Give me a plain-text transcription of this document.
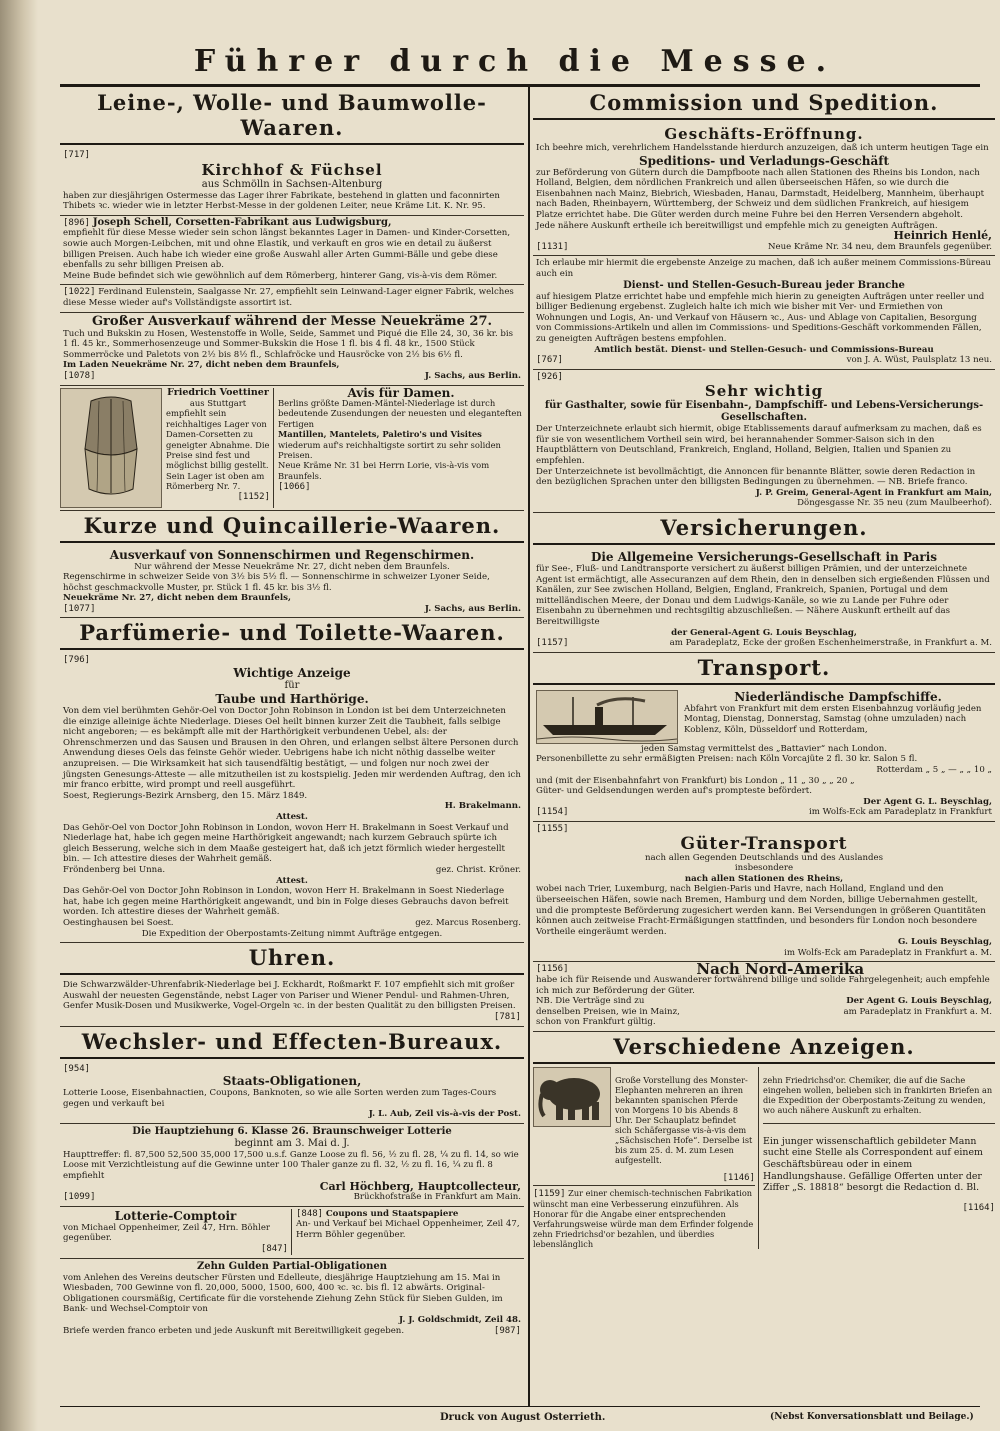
Führer durch die Messe.
Leine-, Wolle- und Baumwolle-Waaren.
[717]
Kirchhof & Füchsel
aus Schmölln in Sachsen-Altenburg

haben zur diesjährigen Ostermesse das Lager ihrer Fabrikate, bestehend in glatten und faconnirten Thibets ꝛc. wieder wie in letzter Herbst-Messe in der goldenen Leiter, neue Kräme Lit. K. Nr. 95.

[896] Joseph Schell, Corsetten-Fabrikant aus Ludwigsburg,

empfiehlt für diese Messe wieder sein schon längst bekanntes Lager in Damen- und Kinder-Corsetten, sowie auch Morgen-Leibchen, mit und ohne Elastik, und verkauft en gros wie en detail zu äußerst billigen Preisen. Auch habe ich wieder eine große Auswahl aller Arten Gummi-Bälle und gebe diese ebenfalls zu sehr billigen Preisen ab.

Meine Bude befindet sich wie gewöhnlich auf dem Römerberg, hinterer Gang, vis-à-vis dem Römer.

[1022] Ferdinand Eulenstein, Saalgasse Nr. 27, empfiehlt sein Leinwand-Lager eigner Fabrik, welches diese Messe wieder auf's Vollständigste assortirt ist.
Großer Ausverkauf während der Messe Neuekräme 27.

Tuch und Bukskin zu Hosen, Westenstoffe in Wolle, Seide, Sammet und Piqué die Elle 24, 30, 36 kr. bis 1 fl. 45 kr., Sommerhosenzeuge und Sommer-Bukskin die Hose 1 fl. bis 4 fl. 48 kr., 1500 Stück Sommerröcke und Paletots von 2½ bis 8½ fl., Schlafröcke und Hausröcke von 2½ bis 6½ fl.

Im Laden Neuekräme Nr. 27, dicht neben dem Braunfels,

[1078]	J. Sachs, aus Berlin.
Friedrich Voettiner
aus Stuttgart

empfiehlt sein reichhaltiges Lager von Damen-Corsetten zu geneigter Abnahme. Die Preise sind fest und möglichst billig gestellt. Sein Lager ist oben am Römerberg Nr. 7.

[1152]
Avis für Damen.

Berlins größte Damen-Mäntel-Niederlage ist durch bedeutende Zusendungen der neuesten und eleganteften Fertigen

Mantillen, Mantelets, Paletiro's und Visites

wiederum auf's reichhaltigste sortirt zu sehr soliden Preisen.

Neue Kräme Nr. 31 bei Herrn Lorie, vis-à-vis vom Braunfels.

[1066]
Kurze und Quincaillerie-Waaren.
Ausverkauf von Sonnenschirmen und Regenschirmen.
Nur während der Messe Neuekräme Nr. 27, dicht neben dem Braunfels.

Regenschirme in schweizer Seide von 3½ bis 5½ fl. — Sonnenschirme in schweizer Lyoner Seide, höchst geschmackvolle Muster, pr. Stück 1 fl. 45 kr. bis 3½ fl.

Neuekräme Nr. 27, dicht neben dem Braunfels,

[1077]	J. Sachs, aus Berlin.
Parfümerie- und Toilette-Waaren.
[796]
Wichtige Anzeige
für
Taube und Harthörige.

Von dem viel berühmten Gehör-Oel von Doctor John Robinson in London ist bei dem Unterzeichneten die einzige alleinige ächte Niederlage. Dieses Oel heilt binnen kurzer Zeit die Taubheit, falls selbige nicht angeboren; — es bekämpft alle mit der Harthörigkeit verbundenen Uebel, als: der Ohrenschmerzen und das Sausen und Brausen in den Ohren, und erlangen selbst ältere Personen durch Anwendung dieses Oels das feinste Gehör wieder. Uebrigens habe ich nicht nöthig dasselbe weiter anzupreisen. — Die Wirksamkeit hat sich tausendfältig bestätigt, — und folgen nur noch zwei der jüngsten Genesungs-Atteste — alle mitzutheilen ist zu kostspielig. Jeden mir werdenden Auftrag, den ich mir franco erbitte, wird prompt und reell ausgeführt.

Soest, Regierungs-Bezirk Arnsberg, den 15. März 1849.

H. Brakelmann.
Attest.

Das Gehör-Oel von Doctor John Robinson in London, wovon Herr H. Brakelmann in Soest Verkauf und Niederlage hat, habe ich gegen meine Harthörigkeit angewandt; nach kurzem Gebrauch spürte ich gleich Besserung, welche sich in dem Maaße gesteigert hat, daß ich jetzt förmlich wieder hergestellt bin. — Ich attestire dieses der Wahrheit gemäß.

Fröndenberg bei Unna.	gez. Christ. Kröner.
Attest.

Das Gehör-Oel von Doctor John Robinson in London, wovon Herr H. Brakelmann in Soest Niederlage hat, habe ich gegen meine Harthörigkeit angewandt, und bin in Folge dieses Gebrauchs davon befreit worden. Ich attestire dieses der Wahrheit gemäß.

Oestinghausen bei Soest.	gez. Marcus Rosenberg.

Die Expedition der Oberpostamts-Zeitung nimmt Aufträge entgegen.

Uhren.

Die Schwarzwälder-Uhrenfabrik-Niederlage bei J. Eckhardt, Roßmarkt F. 107 empfiehlt sich mit großer Auswahl der neuesten Gegenstände, nebst Lager von Pariser und Wiener Pendul- und Rahmen-Uhren, Genfer Musik-Dosen und Musikwerke, Vogel-Orgeln ꝛc. in der besten Qualität zu den billigsten Preisen.

[781]
Wechsler- und Effecten-Bureaux.
[954]
Staats-Obligationen,

Lotterie Loose, Eisenbahnactien, Coupons, Banknoten, so wie alle Sorten werden zum Tages-Cours gegen und verkauft bei

J. L. Aub, Zeil vis-à-vis der Post.
Die Hauptziehung 6. Klasse 26. Braunschweiger Lotterie
beginnt am 3. Mai d. J.

Haupttreffer: fl. 87,500 52,500 35,000 17,500 u.s.f. Ganze Loose zu fl. 56, ½ zu fl. 28, ¼ zu fl. 14, so wie Loose mit Verzichtleistung auf die Gewinne unter 100 Thaler ganze zu fl. 32, ½ zu fl. 16, ¼ zu fl. 8 empfiehlt

Carl Höchberg, Hauptcollecteur,
[1099]	Brückhofstraße in Frankfurt am Main.
Lotterie-Comptoir

von Michael Oppenheimer, Zeil 47, Hrn. Böhler gegenüber.

[847]
[848] Coupons und Staatspapiere

An- und Verkauf bei Michael Oppenheimer, Zeil 47, Herrn Böhler gegenüber.

Zehn Gulden Partial-Obligationen

vom Anlehen des Vereins deutscher Fürsten und Edelleute, diesjährige Hauptziehung am 15. Mai in Wiesbaden, 700 Gewinne von fl. 20,000, 5000, 1500, 600, 400 ꝛc. ꝛc. bis fl. 12 abwärts. Original-Obligationen coursmäßig, Certificate für die vorstehende Ziehung Zehn Stück für Sieben Gulden, im Bank- und Wechsel-Comptoir von

J. J. Goldschmidt, Zeil 48.
Briefe werden franco erbeten und jede Auskunft mit Bereitwilligkeit gegeben.	[987]
Commission und Spedition.
Geschäfts-Eröffnung.

Ich beehre mich, verehrlichem Handelsstande hierdurch anzuzeigen, daß ich unterm heutigen Tage ein

Speditions- und Verladungs-Geschäft

zur Beförderung von Gütern durch die Dampfboote nach allen Stationen des Rheins bis London, nach Holland, Belgien, dem nördlichen Frankreich und allen überseeischen Häfen, so wie durch die Eisenbahnen nach Mainz, Biebrich, Wiesbaden, Hanau, Darmstadt, Heidelberg, Mannheim, überhaupt nach Baden, Rheinbayern, Württemberg, der Schweiz und dem südlichen Frankreich, auf hiesigem Platze errichtet habe. Die Güter werden durch meine Fuhre bei den Herren Versendern abgeholt.

Jede nähere Auskunft ertheile ich bereitwilligst und empfehle mich zu geneigten Aufträgen.

Heinrich Henlé,
[1131]	Neue Kräme Nr. 34 neu, dem Braunfels gegenüber.

Ich erlaube mir hiermit die ergebenste Anzeige zu machen, daß ich außer meinem Commissions-Büreau auch ein

Dienst- und Stellen-Gesuch-Bureau jeder Branche

auf hiesigem Platze errichtet habe und empfehle mich hierin zu geneigten Aufträgen unter reeller und billiger Bedienung ergebenst. Zugleich halte ich mich wie bisher mit Ver- und Ermiethen von Wohnungen und Logis, An- und Verkauf von Häusern ꝛc., Aus- und Ablage von Capitalien, Besorgung von Commissions-Artikeln und allen im Commissions- und Speditions-Geschäft vorkommenden Fällen, zu geneigten Aufträgen bestens empfohlen.

Amtlich bestät. Dienst- und Stellen-Gesuch- und Commissions-Bureau
[767]	von J. A. Wüst, Paulsplatz 13 neu.
[926]
Sehr wichtig
für Gasthalter, sowie für Eisenbahn-, Dampfschiff- und Lebens-Versicherungs-Gesellschaften.

Der Unterzeichnete erlaubt sich hiermit, obige Etablissements darauf aufmerksam zu machen, daß es für sie von wesentlichem Vortheil sein wird, bei herannahender Sommer-Saison sich in den Hauptblättern von Deutschland, Frankreich, England, Holland, Belgien, Italien und Spanien zu empfehlen.

Der Unterzeichnete ist bevollmächtigt, die Annoncen für benannte Blätter, sowie deren Redaction in den bezüglichen Sprachen unter den billigsten Bedingungen zu übernehmen. — NB. Briefe franco.

J. P. Greim, General-Agent in Frankfurt am Main,
Döngesgasse Nr. 35 neu (zum Maulbeerhof).
Versicherungen.
Die Allgemeine Versicherungs-Gesellschaft in Paris

für See-, Fluß- und Landtransporte versichert zu äußerst billigen Prämien, und der unterzeichnete Agent ist ermächtigt, alle Assecuranzen auf dem Rhein, den in denselben sich ergießenden Flüssen und Kanälen, zur See zwischen Holland, Belgien, England, Frankreich, Spanien, Portugal und dem mittelländischen Meere, der Donau und dem Ludwigs-Kanäle, so wie zu Lande per Fuhre oder Eisenbahn zu übernehmen und rechtsgiltig abzuschließen. — Nähere Auskunft ertheilt auf das Bereitwilligste

der General-Agent G. Louis Beyschlag,
[1157]	am Paradeplatz, Ecke der großen Eschenheimerstraße, in Frankfurt a. M.
Transport.
Niederländische Dampfschiffe.

Abfahrt von Frankfurt mit dem ersten Eisenbahnzug vorläufig jeden Montag, Dienstag, Donnerstag, Samstag (ohne umzuladen) nach Koblenz, Köln, Düsseldorf und Rotterdam,

jeden Samstag vermittelst des „Battavier“ nach London.

Personenbillette zu sehr ermäßigten Preisen: nach Köln Vorcajüte 2 fl. 30 kr. Salon 5 fl.

Rotterdam „ 5 „ — „ „ 10 „

und (mit der Eisenbahnfahrt von Frankfurt) bis London „ 11 „ 30 „ „ 20 „

Güter- und Geldsendungen werden auf's prompteste befördert.

Der Agent G. L. Beyschlag,
[1154]	im Wolfs-Eck am Paradeplatz in Frankfurt
[1155]
Güter-Transport
nach allen Gegenden Deutschlands und des Auslandes
insbesondere
nach allen Stationen des Rheins,

wobei nach Trier, Luxemburg, nach Belgien-Paris und Havre, nach Holland, England und den überseeischen Häfen, sowie nach Bremen, Hamburg und dem Norden, billige Uebernahmen gestellt, und die prompteste Beförderung zugesichert werden kann. Bei Versendungen in größeren Quantitäten können auch zeitweise Fracht-Ermäßigungen stattfinden, und besonders für London noch besondere Vortheile eingeräumt werden.

G. Louis Beyschlag,
im Wolfs-Eck am Paradeplatz in Frankfurt a. M.
[1156]	Nach Nord-Amerika

habe ich für Reisende und Auswanderer fortwährend billige und solide Fahrgelegenheit; auch empfehle ich mich zur Beförderung der Güter.

NB. Die Verträge sind zu denselben Preisen, wie in Mainz, schon von Frankfurt gültig.

Der Agent G. Louis Beyschlag,
am Paradeplatz in Frankfurt a. M.
Verschiedene Anzeigen.

Große Vorstellung des Monster-Elephanten mehreren an ihren bekannten spanischen Pferde von Morgens 10 bis Abends 8 Uhr. Der Schauplatz befindet sich Schäfergasse vis-à-vis dem „Sächsischen Hofe“. Derselbe ist bis zum 25. d. M. zum Lesen aufgestellt.

[1146]
[1159] Zur einer chemisch-technischen Fabrikation wünscht man eine Verbesserung einzuführen. Als Honorar für die Angabe einer entsprechenden Verfahrungsweise würde man dem Erfinder folgende zehn Friedrichsd'or bezahlen, und überdies lebenslänglich

zehn Friedrichsd'or. Chemiker, die auf die Sache eingehen wollen, belieben sich in frankirten Briefen an die Expedition der Oberpostamts-Zeitung zu wenden, wo auch nähere Auskunft zu erhalten.

Ein junger wissenschaftlich gebildeter Mann sucht eine Stelle als Correspondent auf einem Geschäftsbüreau oder in einem Handlungshause. Gefällige Offerten unter der Ziffer „S. 18818“ besorgt die Redaction d. Bl.

[1164]
Druck von August Osterrieth.	(Nebst Konversationsblatt und Beilage.)
